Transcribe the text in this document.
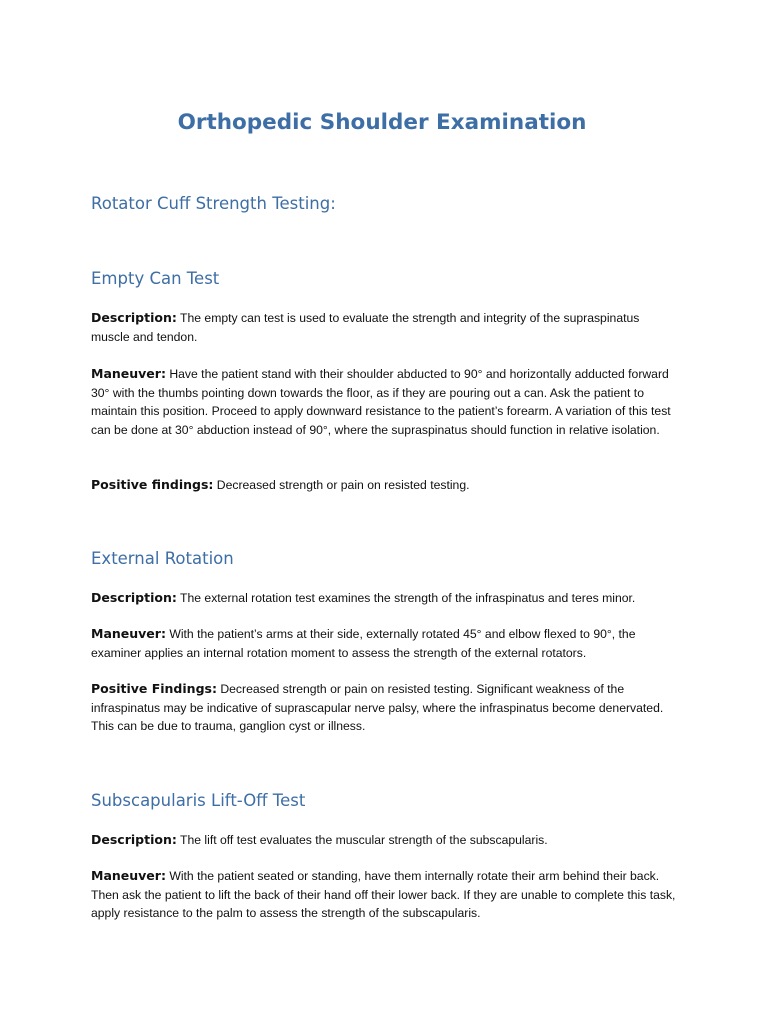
Orthopedic Shoulder Examination
Rotator Cuff Strength Testing:
Empty Can Test

Description: The empty can test is used to evaluate the strength and integrity of the supraspinatus muscle and tendon.

Maneuver: Have the patient stand with their shoulder abducted to 90° and horizontally adducted forward 30° with the thumbs pointing down towards the floor, as if they are pouring out a can. Ask the patient to maintain this position. Proceed to apply downward resistance to the patient’s forearm. A variation of this test can be done at 30° abduction instead of 90°, where the supraspinatus should function in relative isolation.

Positive findings: Decreased strength or pain on resisted testing.

External Rotation

Description: The external rotation test examines the strength of the infraspinatus and teres minor.

Maneuver: With the patient’s arms at their side, externally rotated 45° and elbow flexed to 90°, the examiner applies an internal rotation moment to assess the strength of the external rotators.

Positive Findings: Decreased strength or pain on resisted testing. Significant weakness of the infraspinatus may be indicative of suprascapular nerve palsy, where the infraspinatus become denervated. This can be due to trauma, ganglion cyst or illness.

Subscapularis Lift-Off Test

Description: The lift off test evaluates the muscular strength of the subscapularis.

Maneuver: With the patient seated or standing, have them internally rotate their arm behind their back. Then ask the patient to lift the back of their hand off their lower back. If they are unable to complete this task, apply resistance to the palm to assess the strength of the subscapularis.
